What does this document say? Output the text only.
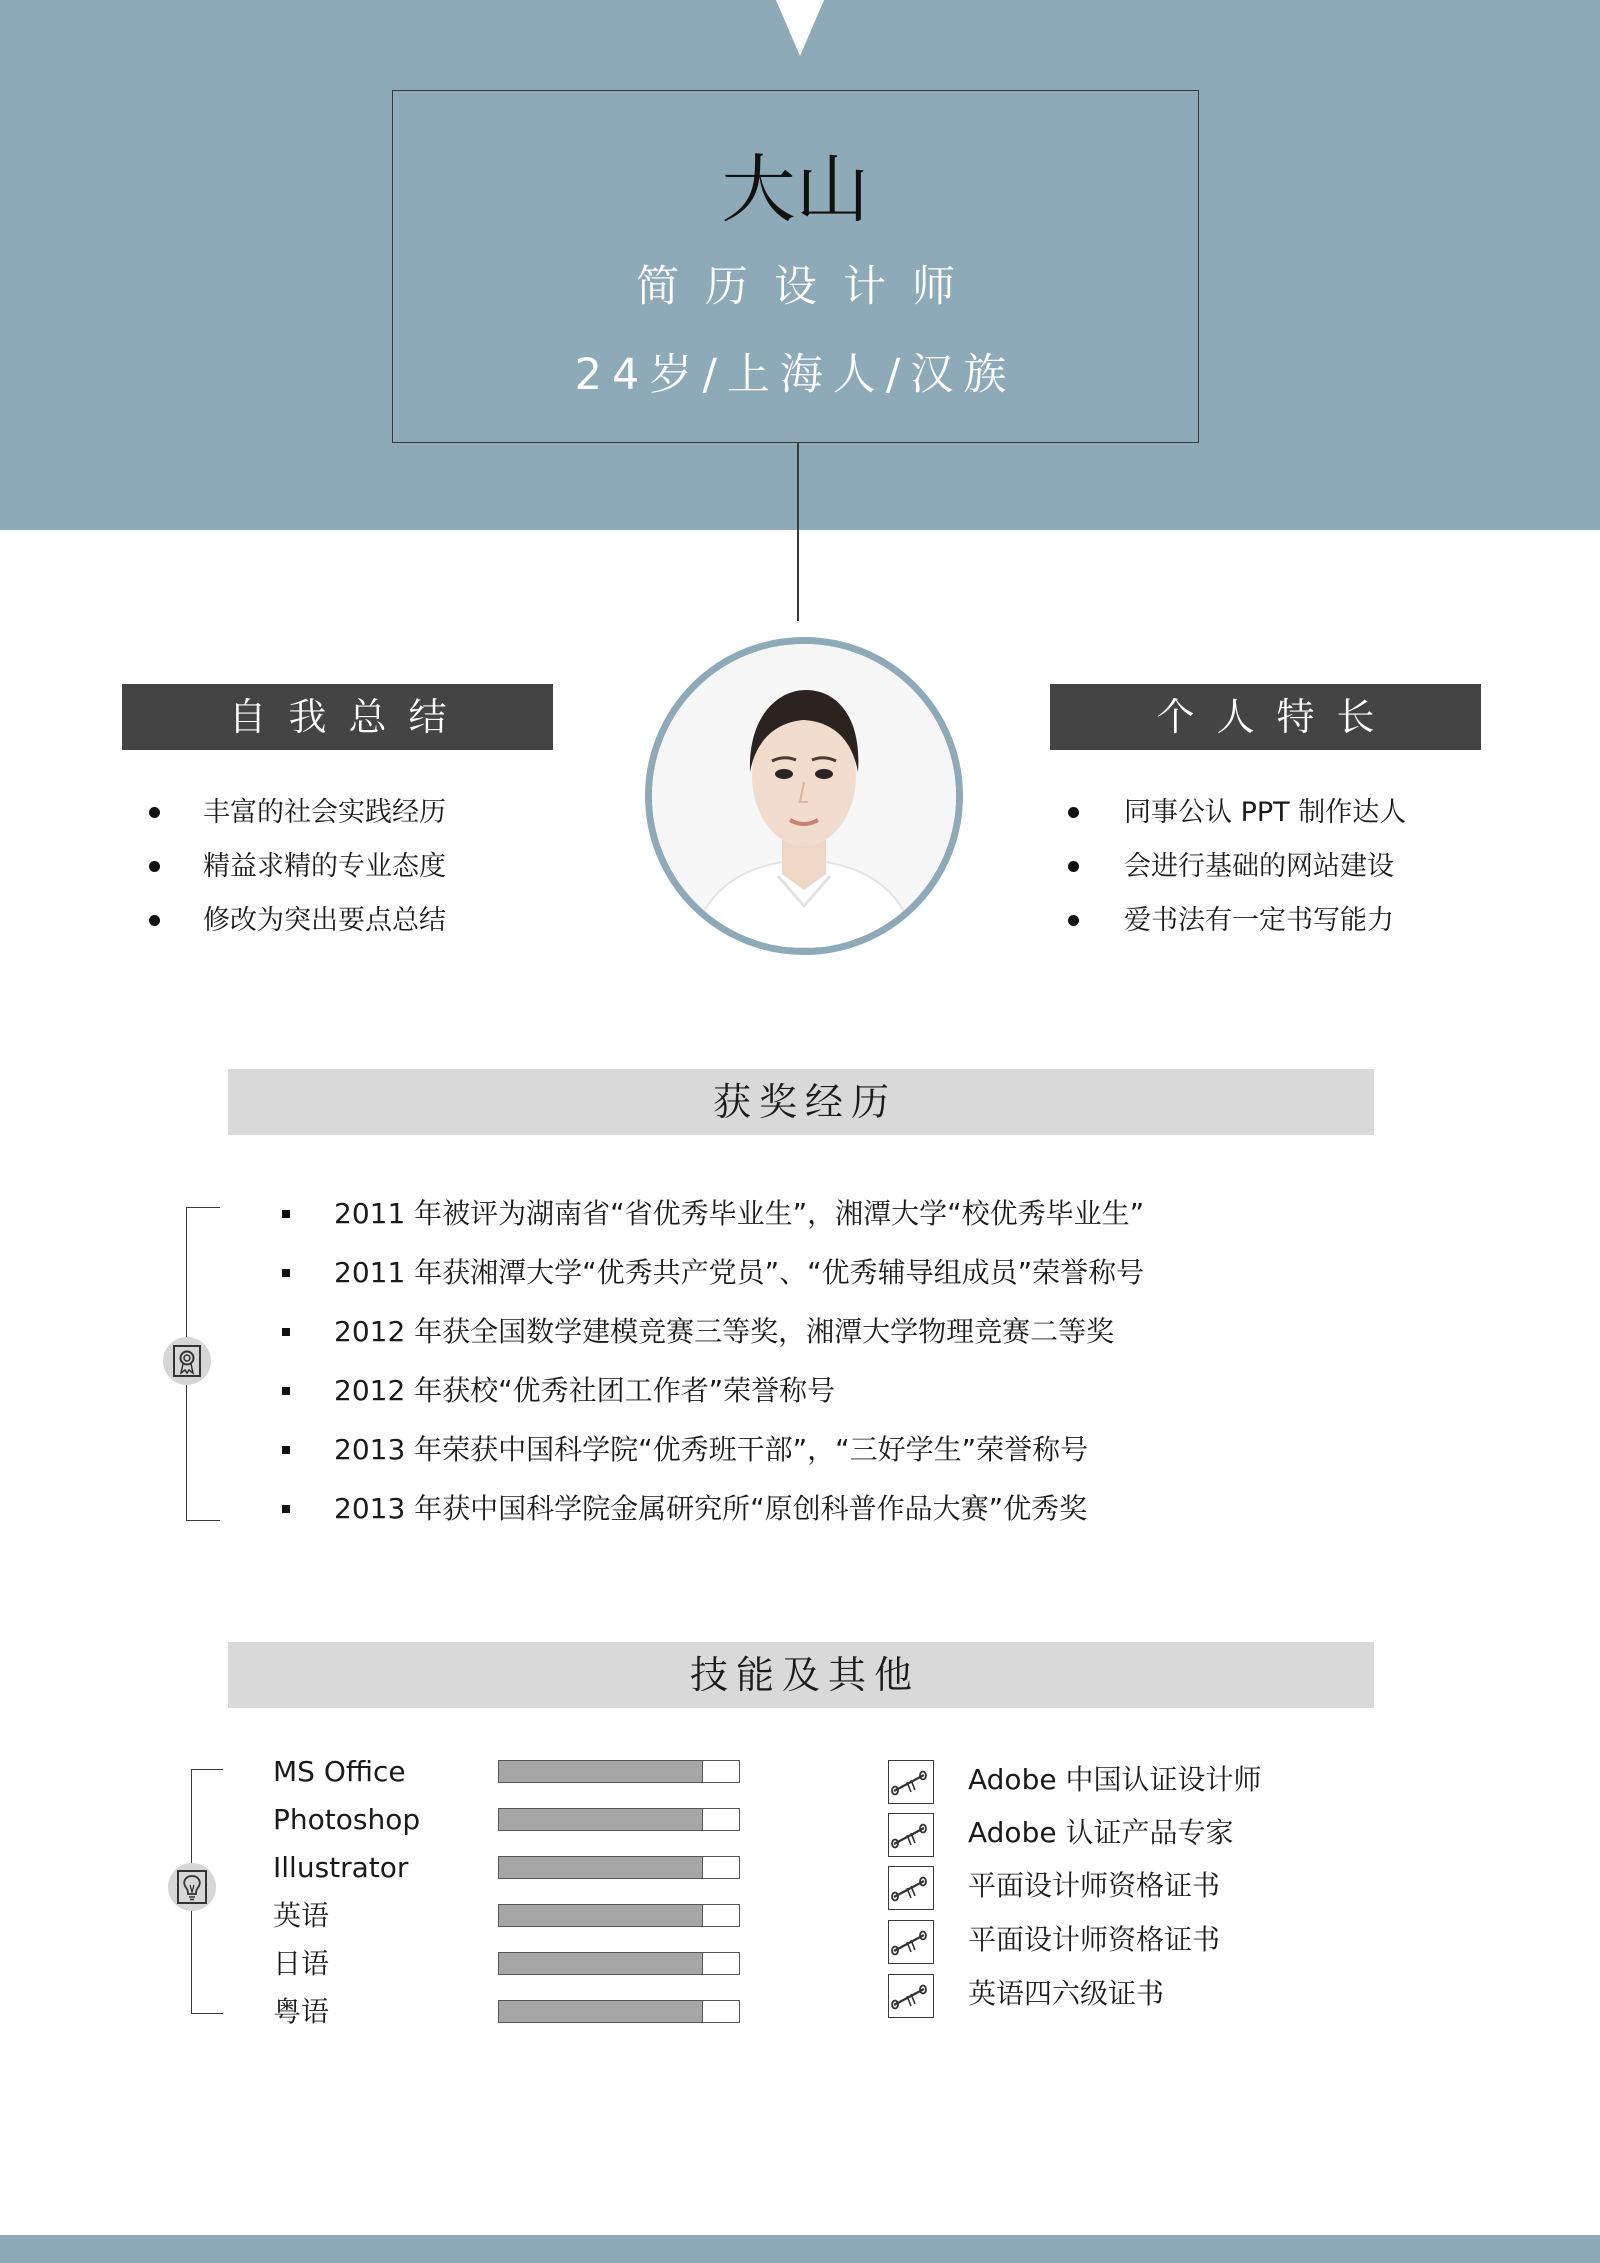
大山
简历设计师
24岁/上海人/汉族
自我总结
丰富的社会实践经历
精益求精的专业态度
修改为突出要点总结
个人特长
同事公认 PPT 制作达人
会进行基础的网站建设
爱书法有一定书写能力
获奖经历
2011 年被评为湖南省“省优秀毕业生”，湘潭大学“校优秀毕业生”
2011 年获湘潭大学“优秀共产党员”、“优秀辅导组成员”荣誉称号
2012 年获全国数学建模竞赛三等奖，湘潭大学物理竞赛二等奖
2012 年获校“优秀社团工作者”荣誉称号
2013 年荣获中国科学院“优秀班干部”，“三好学生”荣誉称号
2013 年获中国科学院金属研究所“原创科普作品大赛”优秀奖
技能及其他
MS Office
Photoshop
Illustrator
英语
日语
粤语
Adobe 中国认证设计师
Adobe 认证产品专家
平面设计师资格证书
平面设计师资格证书
英语四六级证书
